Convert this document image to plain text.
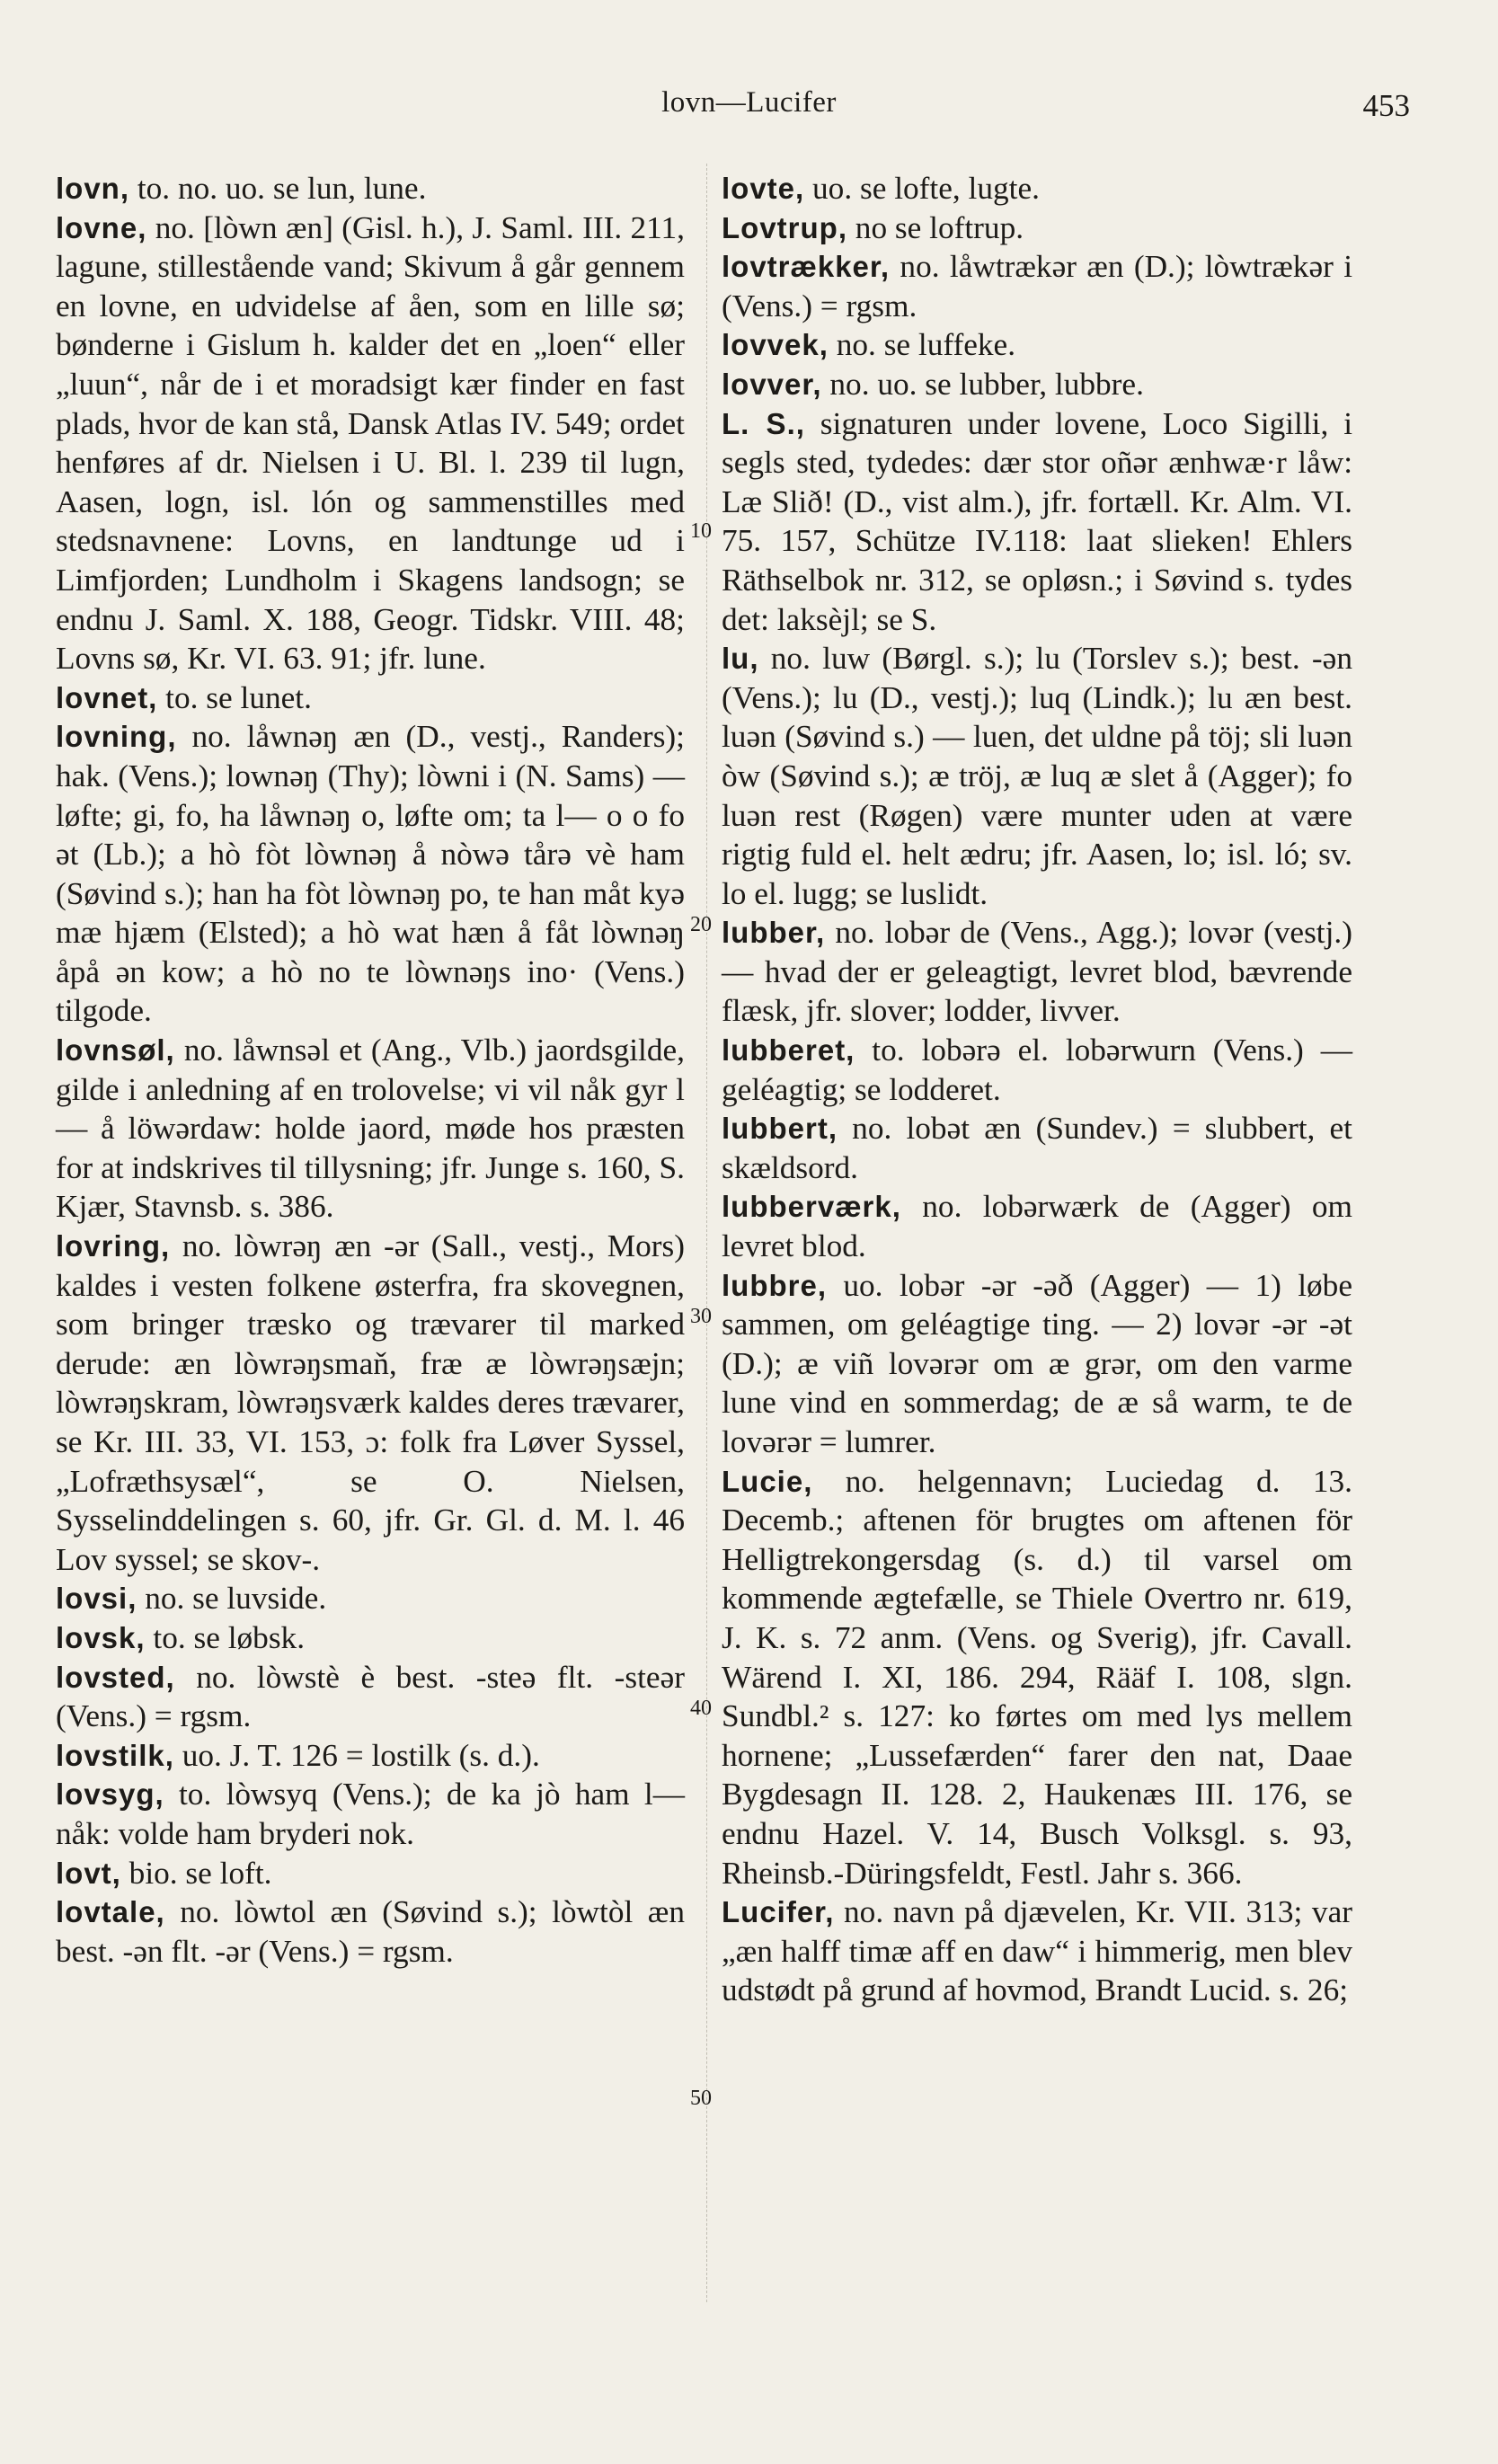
lovn—Lucifer	453
10
20
30
40
50

lovn, to. no. uo. se lun, lune.

lovne, no. [lòwn æn] (Gisl. h.), J. Saml. III. 211, lagune, stillestående vand; Skivum å går gennem en lovne, en udvidelse af åen, som en lille sø; bønderne i Gislum h. kalder det en „loen“ eller „luun“, når de i et moradsigt kær finder en fast plads, hvor de kan stå, Dansk Atlas IV. 549; ordet henføres af dr. Nielsen i U. Bl. l. 239 til lugn, Aasen, logn, isl. lón og sammenstilles med stedsnavnene: Lovns, en landtunge ud i Limfjorden; Lundholm i Skagens landsogn; se endnu J. Saml. X. 188, Geogr. Tidskr. VIII. 48; Lovns sø, Kr. VI. 63. 91; jfr. lune.

lovnet, to. se lunet.

lovning, no. låwnəŋ æn (D., vestj., Randers); hak. (Vens.); lownəŋ (Thy); lòwni i (N. Sams) — løfte; gi, fo, ha låwnəŋ o, løfte om; ta l— o o fo ət (Lb.); a hò fòt lòwnəŋ å nòwə tårə vè ham (Søvind s.); han ha fòt lòwnəŋ po, te han måt kyə mæ hjæm (Elsted); a hò wat hæn å fåt lòwnəŋ åpå ən kow; a hò no te lòwnəŋs ino· (Vens.) tilgode.

lovnsøl, no. låwnsəl et (Ang., Vlb.) jaordsgilde, gilde i anledning af en trolovelse; vi vil nåk gyr l— å löwərdaw: holde jaord, møde hos præsten for at indskrives til tillysning; jfr. Junge s. 160, S. Kjær, Stavnsb. s. 386.

lovring, no. lòwrəŋ æn -ər (Sall., vestj., Mors) kaldes i vesten folkene østerfra, fra skovegnen, som bringer træsko og trævarer til marked derude: æn lòwrəŋsmaň, fræ æ lòwrəŋsæjn; lòwrəŋskram, lòwrəŋsværk kaldes deres trævarer, se Kr. III. 33, VI. 153, ɔ: folk fra Løver Syssel, „Lofræthsysæl“, se O. Nielsen, Sysselinddelingen s. 60, jfr. Gr. Gl. d. M. l. 46 Lov syssel; se skov-.

lovsi, no. se luvside.

lovsk, to. se løbsk.

lovsted, no. lòwstè è best. -steə flt. -steər (Vens.) = rgsm.

lovstilk, uo. J. T. 126 = lostilk (s. d.).

lovsyg, to. lòwsyq (Vens.); de ka jò ham l— nåk: volde ham bryderi nok.

lovt, bio. se loft.

lovtale, no. lòwtol æn (Søvind s.); lòwtòl æn best. -ən flt. -ər (Vens.) = rgsm.

lovte, uo. se lofte, lugte.

Lovtrup, no se loftrup.

lovtrækker, no. låwtrækər æn (D.); lòwtrækər i (Vens.) = rgsm.

lovvek, no. se luffeke.

lovver, no. uo. se lubber, lubbre.

L. S., signaturen under lovene, Loco Sigilli, i segls sted, tydedes: dær stor oñər ænhwæ·r låw: Læ Slið! (D., vist alm.), jfr. fortæll. Kr. Alm. VI. 75. 157, Schütze IV.118: laat slieken! Ehlers Räthselbok nr. 312, se opløsn.; i Søvind s. tydes det: laksèjl; se S.

lu, no. luw (Børgl. s.); lu (Torslev s.); best. -ən (Vens.); lu (D., vestj.); luq (Lindk.); lu æn best. luən (Søvind s.) — luen, det uldne på töj; sli luən òw (Søvind s.); æ tröj, æ luq æ slet å (Agger); fo luən rest (Røgen) være munter uden at være rigtig fuld el. helt ædru; jfr. Aasen, lo; isl. ló; sv. lo el. lugg; se luslidt.

lubber, no. lobər de (Vens., Agg.); lovər (vestj.) — hvad der er geleagtigt, levret blod, bævrende flæsk, jfr. slover; lodder, livver.

lubberet, to. lobərə el. lobərwurn (Vens.) — geléagtig; se lodderet.

lubbert, no. lobət æn (Sundev.) = slubbert, et skældsord.

lubberværk, no. lobərwærk de (Agger) om levret blod.

lubbre, uo. lobər -ər -əð (Agger) — 1) løbe sammen, om geléagtige ting. — 2) lovər -ər -ət (D.); æ viñ lovərər om æ grər, om den varme lune vind en sommerdag; de æ så warm, te de lovərər = lumrer.

Lucie, no. helgennavn; Luciedag d. 13. Decemb.; aftenen för brugtes om aftenen för Helligtrekongersdag (s. d.) til varsel om kommende ægtefælle, se Thiele Overtro nr. 619, J. K. s. 72 anm. (Vens. og Sverig), jfr. Cavall. Wärend I. XI, 186. 294, Rääf I. 108, slgn. Sundbl.² s. 127: ko førtes om med lys mellem hornene; „Lussefærden“ farer den nat, Daae Bygdesagn II. 128. 2, Haukenæs III. 176, se endnu Hazel. V. 14, Busch Volksgl. s. 93, Rheinsb.-Düringsfeldt, Festl. Jahr s. 366.

Lucifer, no. navn på djævelen, Kr. VII. 313; var „æn halff timæ aff en daw“ i himmerig, men blev udstødt på grund af hovmod, Brandt Lucid. s. 26;
